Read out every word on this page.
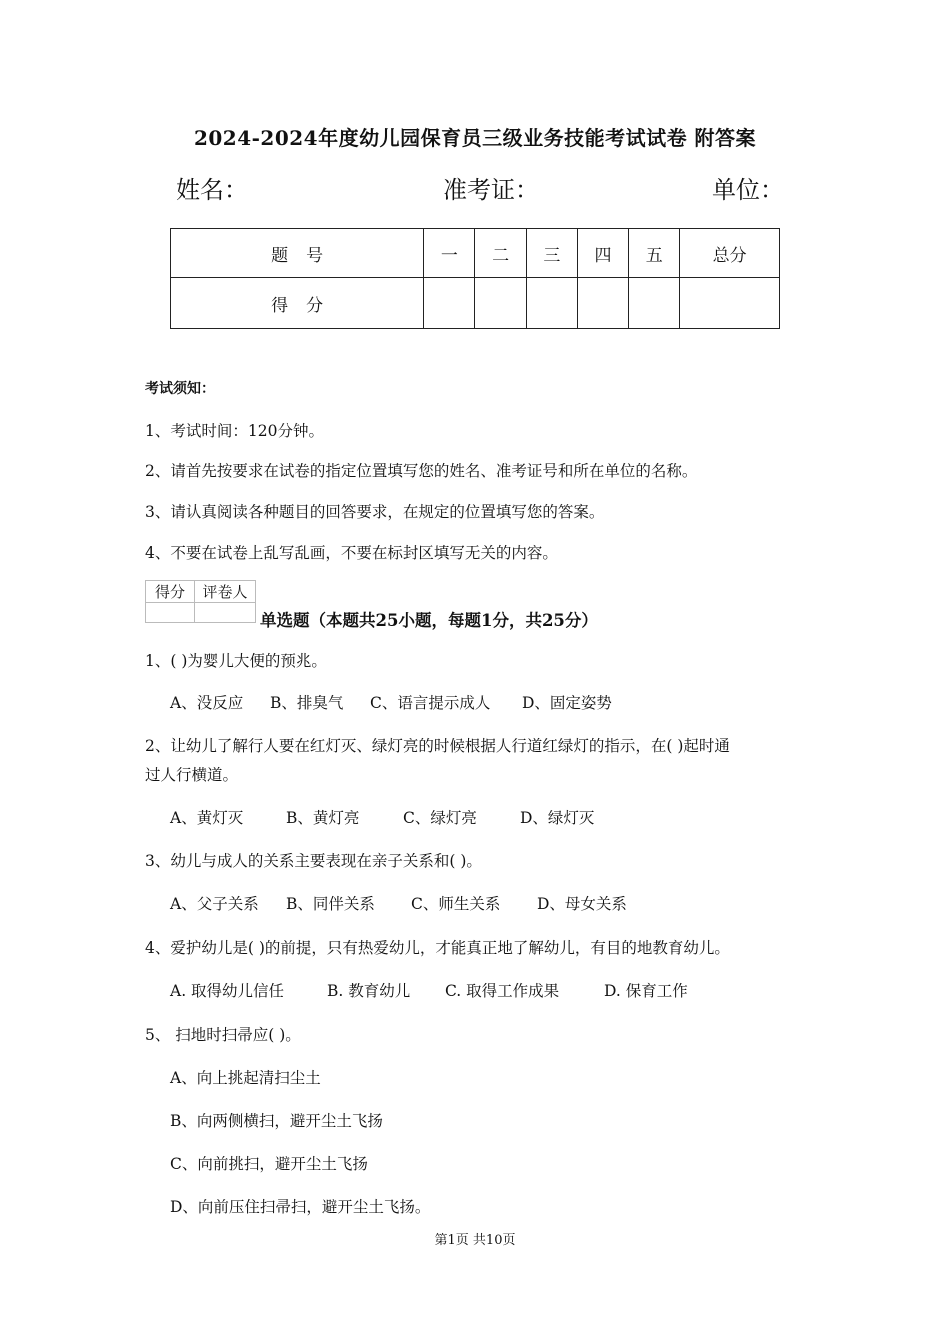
2024-2024年度幼儿园保育员三级业务技能考试试卷 附答案
姓名：	准考证：	单位：
题号	一	二	三	四	五	总分
得分						
考试须知：
1、考试时间：120分钟。
2、请首先按要求在试卷的指定位置填写您的姓名、准考证号和所在单位的名称。
3、请认真阅读各种题目的回答要求，在规定的位置填写您的答案。
4、不要在试卷上乱写乱画，不要在标封区填写无关的内容。
得分	评卷人

单选题（本题共25小题，每题1分，共25分）
1、( )为婴儿大便的预兆。
A、没反应 B、排臭气 C、语言提示成人 D、固定姿势
2、让幼儿了解行人要在红灯灭、绿灯亮的时候根据人行道红绿灯的指示，在( )起时通
过人行横道。
A、黄灯灭	B、黄灯亮	C、绿灯亮	D、绿灯灭
3、幼儿与成人的关系主要表现在亲子关系和( )。
A、父子关系 B、同伴关系 C、师生关系 D、母女关系
4、爱护幼儿是( )的前提，只有热爱幼儿，才能真正地了解幼儿，有目的地教育幼儿。
A. 取得幼儿信任	B. 教育幼儿 C. 取得工作成果	D. 保育工作
5、 扫地时扫帚应( )。
A、向上挑起清扫尘土
B、向两侧横扫，避开尘土飞扬
C、向前挑扫，避开尘土飞扬
D、向前压住扫帚扫，避开尘土飞扬。
第1页 共10页
